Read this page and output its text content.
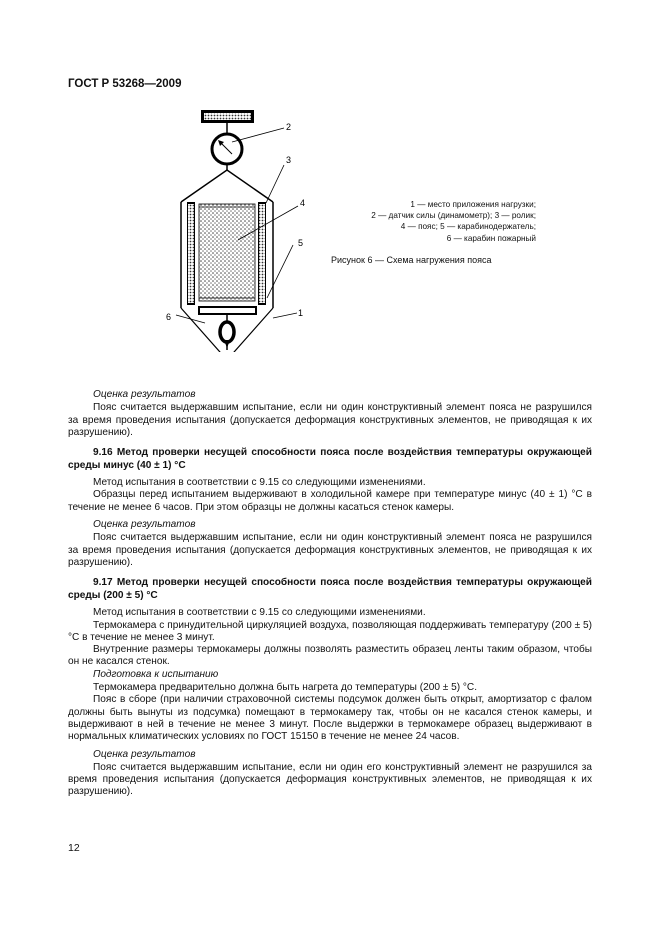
ГОСТ Р 53268—2009
2
3
4
5
6	1
1 — место приложения нагрузки;
2 — датчик силы (динамометр); 3 — ролик;
4 — пояс; 5 — карабинодержатель;
6 — карабин пожарный
Рисунок 6 — Схема нагружения пояса

Оценка результатов

Пояс считается выдержавшим испытание, если ни один конструктивный элемент пояса не разрушился за время проведения испытания (допускается деформация конструктивных элементов, не приводящая к их разрушению).

9.16 Метод проверки несущей способности пояса после воздействия температуры окружающей среды минус (40 ± 1) °С

Метод испытания в соответствии с 9.15 со следующими изменениями.

Образцы перед испытанием выдерживают в холодильной камере при температуре минус (40 ± 1) °С в течение не менее 6 часов. При этом образцы не должны касаться стенок камеры.

Оценка результатов

Пояс считается выдержавшим испытание, если ни один конструктивный элемент пояса не разрушился за время проведения испытания (допускается деформация конструктивных элементов, не приводящая к их разрушению).

9.17 Метод проверки несущей способности пояса после воздействия температуры окружающей среды (200 ± 5) °С

Метод испытания в соответствии с 9.15 со следующими изменениями.

Термокамера с принудительной циркуляцией воздуха, позволяющая поддерживать температуру (200 ± 5) °С в течение не менее 3 минут.

Внутренние размеры термокамеры должны позволять разместить образец ленты таким образом, чтобы он не касался стенок.

Подготовка к испытанию

Термокамера предварительно должна быть нагрета до температуры (200 ± 5) °С.

Пояс в сборе (при наличии страховочной системы подсумок должен быть открыт, амортизатор с фалом должны быть вынуты из подсумка) помещают в термокамеру так, чтобы он не касался стенок камеры, и выдерживают в ней в течение не менее 3 минут. После выдержки в термокамере образец выдерживают в нормальных климатических условиях по ГОСТ 15150 в течение не менее 24 часов.

Оценка результатов

Пояс считается выдержавшим испытание, если ни один его конструктивный элемент не разрушился за время проведения испытания (допускается деформация конструктивных элементов, не приводящая к их разрушению).

12
